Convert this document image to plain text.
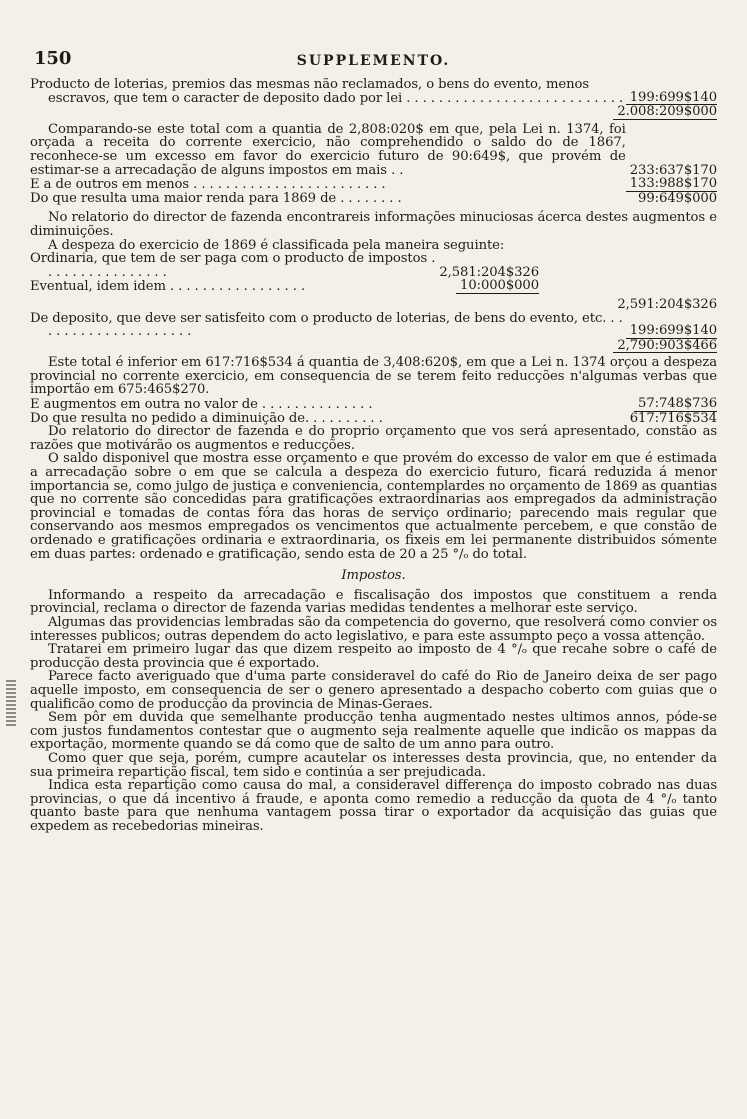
150	SUPPLEMENTO.
Producto de loterias, premios das mesmas não reclamados, o bens do evento, menos escravos, que tem o caracter de deposito dado por lei . . . . . . . . . . . . . . . . . . . . . . . . . . . 199:699$140
2.008:209$000

Comparando-se este total com a quantia de 2,808:020$ em que, pela Lei n. 1374, foi orçada a receita do corrente exercicio, não comprehendido o saldo do de 1867, reconhece-se um excesso em favor do exercicio futuro de 90:649$, que provém de estimar-se a arrecadação de alguns impostos em mais . .	233:637$170
E a de outros em menos . . . . . . . . . . . . . . . . . . . . . . . .	133:988$170
Do que resulta uma maior renda para 1869 de . . . . . . . .	99:649$000

No relatorio do director de fazenda encontrareis informações minuciosas ácerca destes augmentos e diminuições.

A despeza do exercicio de 1869 é classificada pela maneira seguinte:

Ordinaria, que tem de ser paga com o producto de impostos . . . . . . . . . . . . . . . .	2,581:204$326
Eventual, idem idem . . . . . . . . . . . . . . . . .	10:000$000
2,591:204$326
De deposito, que deve ser satisfeito com o producto de loterias, de bens do evento, etc. . . . . . . . . . . . . . . . . . . . .	199:699$140
2,790:903$466

Este total é inferior em 617:716$534 á quantia de 3,408:620$, em que a Lei n. 1374 orçou a despeza provincial no corrente exercicio, em consequencia de se terem feito reducções n'algumas verbas que importão em 675:465$270.

E augmentos em outra no valor de . . . . . . . . . . . . . .	57:748$736
Do que resulta no pedido a diminuição de. . . . . . . . . .	617:716$534

Do relatorio do director de fazenda e do proprio orçamento que vos será apresentado, constão as razões que motivárão os augmentos e reducções.

O saldo disponivel que mostra esse orçamento e que provém do excesso de valor em que é estimada a arrecadação sobre o em que se calcula a despeza do exercicio futuro, ficará reduzida á menor importancia se, como julgo de justiça e conveniencia, contemplardes no orçamento de 1869 as quantias que no corrente são concedidas para gratificações extraordinarias aos empregados da administração provincial e tomadas de contas fóra das horas de serviço ordinario; parecendo mais regular que conservando aos mesmos empregados os vencimentos que actualmente percebem, e que constão de ordenado e gratificações ordinaria e extraordinaria, os fixeis em lei permanente distribuidos sómente em duas partes: ordenado e gratificação, sendo esta de 20 a 25 °/ₒ do total.

Impostos.

Informando a respeito da arrecadação e fiscalisação dos impostos que constituem a renda provincial, reclama o director de fazenda varias medidas tendentes a melhorar este serviço.

Algumas das providencias lembradas são da competencia do governo, que resolverá como convier os interesses publicos; outras dependem do acto legislativo, e para este assumpto peço a vossa attenção.

Tratarei em primeiro lugar das que dizem respeito ao imposto de 4 °/ₒ que recahe sobre o café de producção desta provincia que é exportado.

Parece facto averiguado que d'uma parte consideravel do café do Rio de Janeiro deixa de ser pago aquelle imposto, em consequencia de ser o genero apresentado a despacho coberto com guias que o qualificão como de producção da provincia de Minas-Geraes.

Sem pôr em duvida que semelhante producção tenha augmentado nestes ultimos annos, póde-se com justos fundamentos contestar que o augmento seja realmente aquelle que indicão os mappas da exportação, mormente quando se dá como que de salto de um anno para outro.

Como quer que seja, porém, cumpre acautelar os interesses desta provincia, que, no entender da sua primeira repartição fiscal, tem sido e continúa a ser prejudicada.

Indica esta repartição como causa do mal, a consideravel differença do imposto cobrado nas duas provincias, o que dá incentivo á fraude, e aponta como remedio a reducção da quota de 4 °/ₒ tanto quanto baste para que nenhuma vantagem possa tirar o exportador da acquisição das guias que expedem as recebedorias mineiras.
